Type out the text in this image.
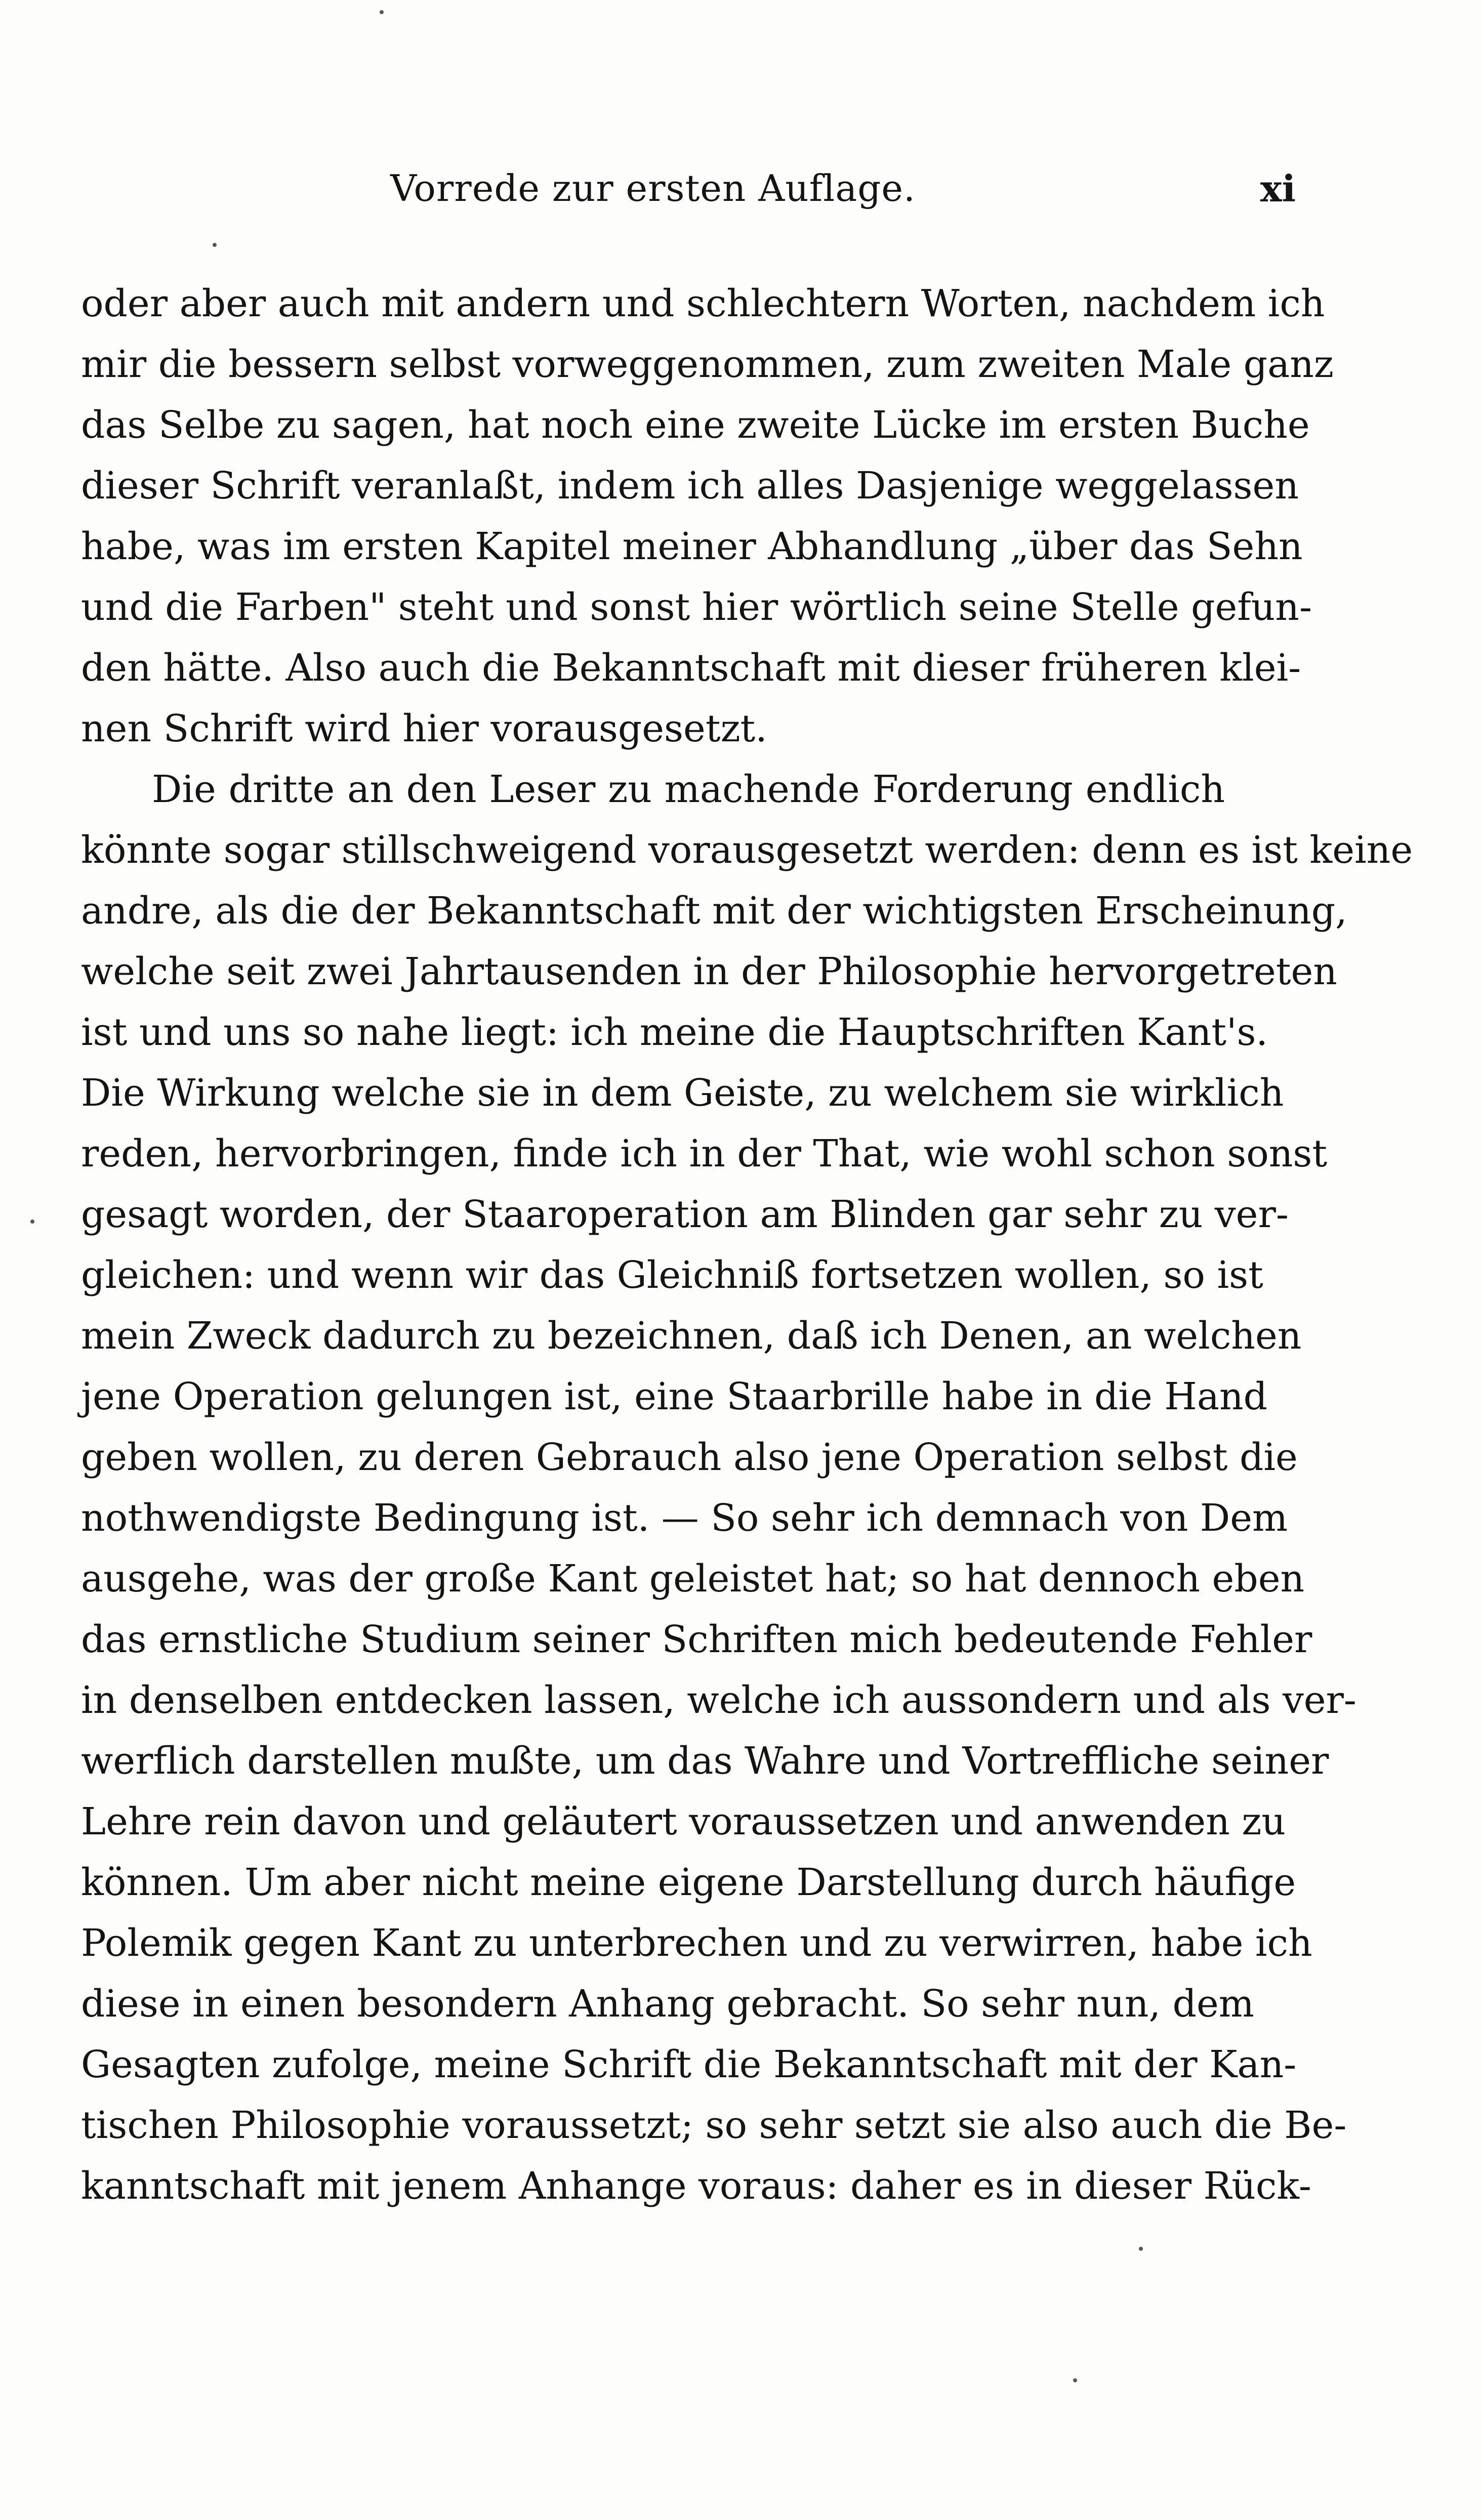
Vorrede zur ersten Auflage.	xi
oder aber auch mit andern und schlechtern Worten, nachdem ich
mir die bessern selbst vorweggenommen, zum zweiten Male ganz
das Selbe zu sagen, hat noch eine zweite Lücke im ersten Buche
dieser Schrift veranlaßt, indem ich alles Dasjenige weggelassen
habe, was im ersten Kapitel meiner Abhandlung „über das Sehn
und die Farben" steht und sonst hier wörtlich seine Stelle gefun-
den hätte. Also auch die Bekanntschaft mit dieser früheren klei-
nen Schrift wird hier vorausgesetzt.
Die dritte an den Leser zu machende Forderung endlich
könnte sogar stillschweigend vorausgesetzt werden: denn es ist keine
andre, als die der Bekanntschaft mit der wichtigsten Erscheinung,
welche seit zwei Jahrtausenden in der Philosophie hervorgetreten
ist und uns so nahe liegt: ich meine die Hauptschriften Kant's.
Die Wirkung welche sie in dem Geiste, zu welchem sie wirklich
reden, hervorbringen, finde ich in der That, wie wohl schon sonst
gesagt worden, der Staaroperation am Blinden gar sehr zu ver-
gleichen: und wenn wir das Gleichniß fortsetzen wollen, so ist
mein Zweck dadurch zu bezeichnen, daß ich Denen, an welchen
jene Operation gelungen ist, eine Staarbrille habe in die Hand
geben wollen, zu deren Gebrauch also jene Operation selbst die
nothwendigste Bedingung ist. — So sehr ich demnach von Dem
ausgehe, was der große Kant geleistet hat; so hat dennoch eben
das ernstliche Studium seiner Schriften mich bedeutende Fehler
in denselben entdecken lassen, welche ich aussondern und als ver-
werflich darstellen mußte, um das Wahre und Vortreffliche seiner
Lehre rein davon und geläutert voraussetzen und anwenden zu
können. Um aber nicht meine eigene Darstellung durch häufige
Polemik gegen Kant zu unterbrechen und zu verwirren, habe ich
diese in einen besondern Anhang gebracht. So sehr nun, dem
Gesagten zufolge, meine Schrift die Bekanntschaft mit der Kan-
tischen Philosophie voraussetzt; so sehr setzt sie also auch die Be-
kanntschaft mit jenem Anhange voraus: daher es in dieser Rück-
